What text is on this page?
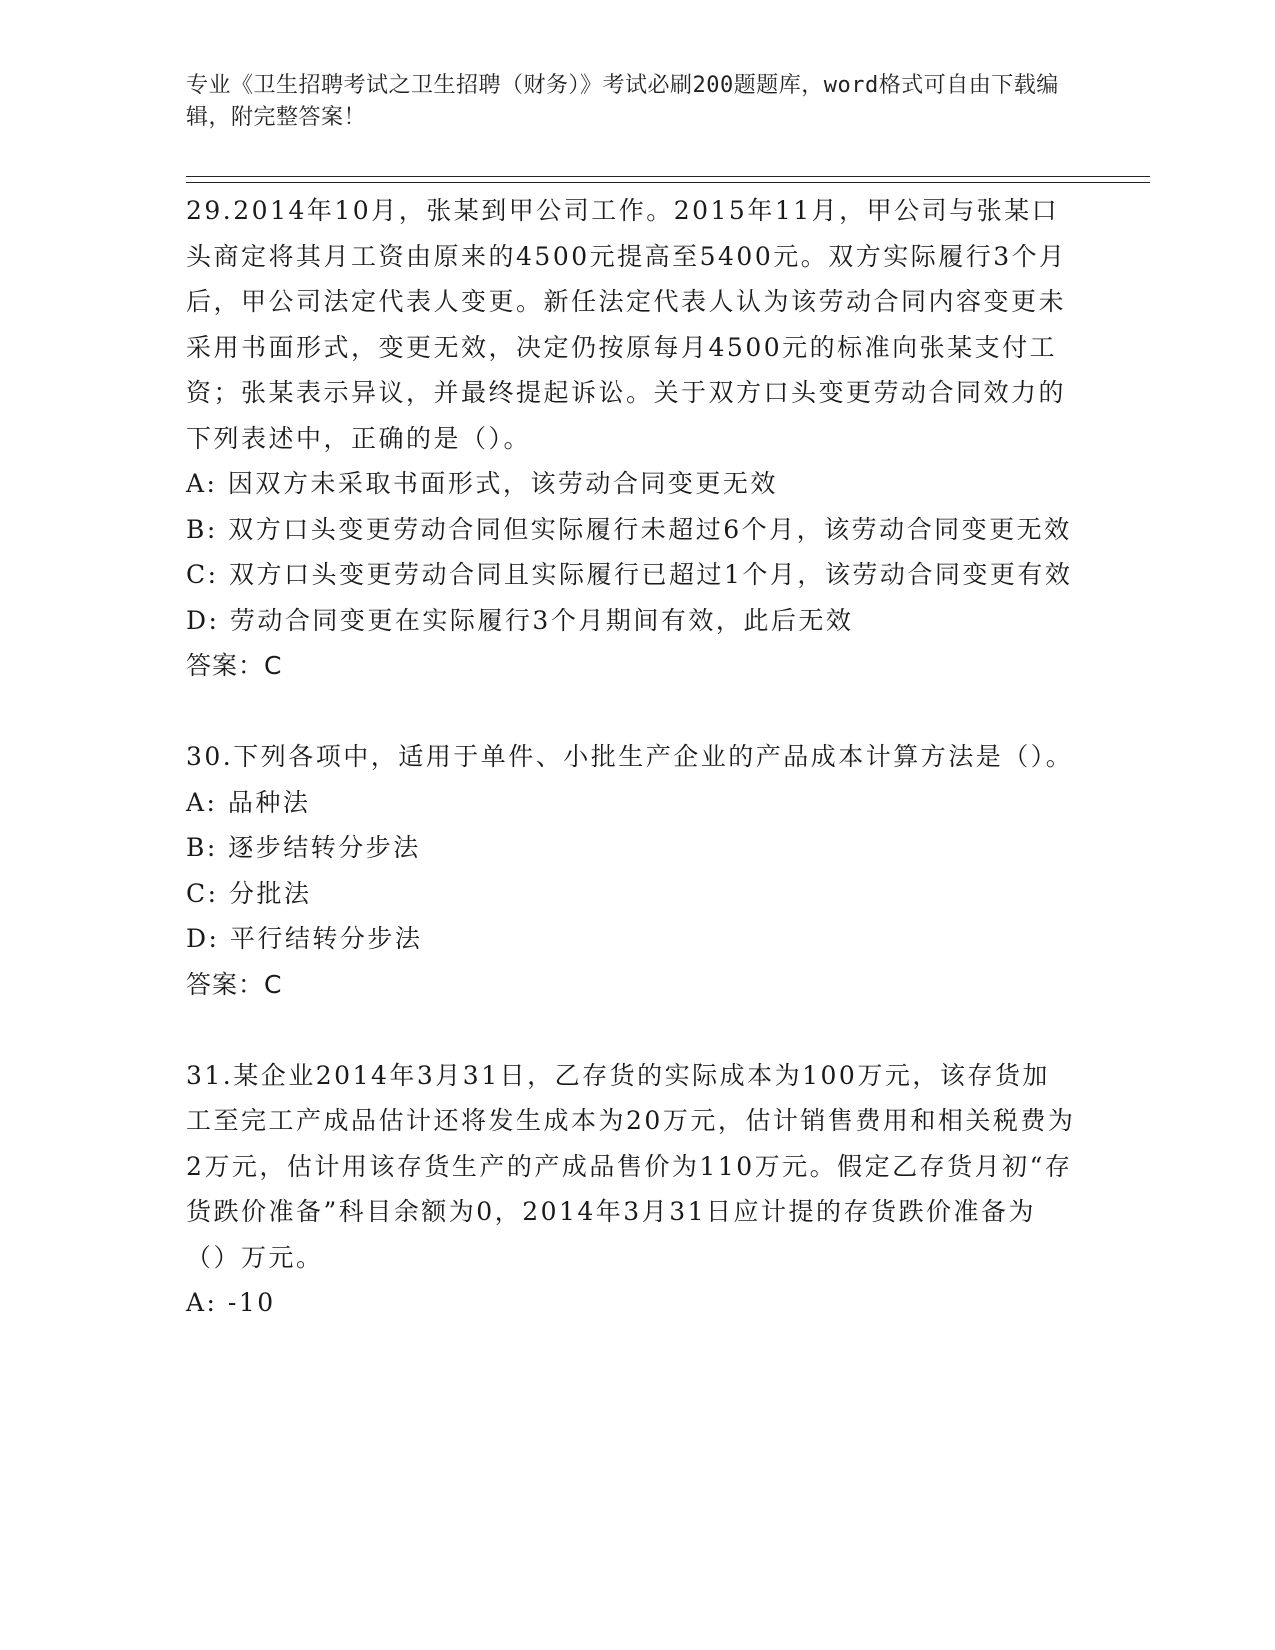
专业《卫生招聘考试之卫生招聘（财务）》考试必刷200题题库，word格式可自由下载编辑，附完整答案！

29.2014年10月，张某到甲公司工作。2015年11月，甲公司与张某口头商定将其月工资由原来的4500元提高至5400元。双方实际履行3个月后，甲公司法定代表人变更。新任法定代表人认为该劳动合同内容变更未采用书面形式，变更无效，决定仍按原每月4500元的标准向张某支付工资；张某表示异议，并最终提起诉讼。关于双方口头变更劳动合同效力的下列表述中，正确的是（）。

A: 因双方未采取书面形式，该劳动合同变更无效

B: 双方口头变更劳动合同但实际履行未超过6个月，该劳动合同变更无效

C: 双方口头变更劳动合同且实际履行已超过1个月，该劳动合同变更有效

D: 劳动合同变更在实际履行3个月期间有效，此后无效

答案：C

30.下列各项中，适用于单件、小批生产企业的产品成本计算方法是（）。

A: 品种法

B: 逐步结转分步法

C: 分批法

D: 平行结转分步法

答案：C

31.某企业2014年3月31日，乙存货的实际成本为100万元，该存货加工至完工产成品估计还将发生成本为20万元，估计销售费用和相关税费为2万元，估计用该存货生产的产成品售价为110万元。假定乙存货月初“存货跌价准备”科目余额为0，2014年3月31日应计提的存货跌价准备为（）万元。

A: -10
